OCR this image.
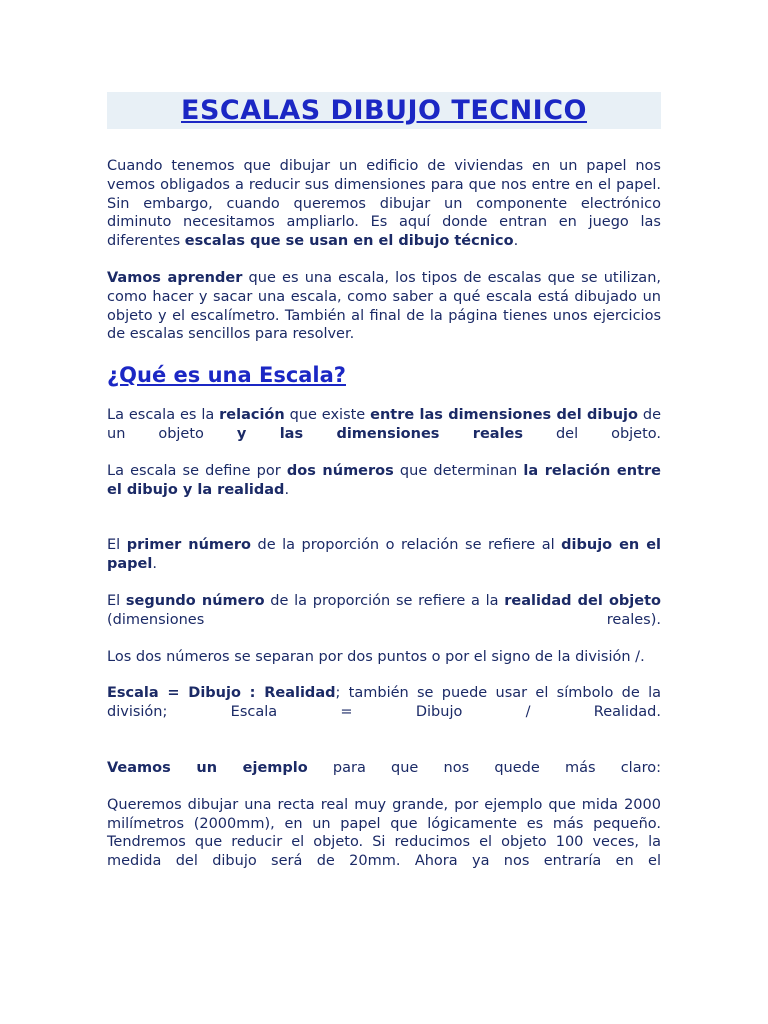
ESCALAS DIBUJO TECNICO

Cuando tenemos que dibujar un edificio de viviendas en un papel nos vemos obligados a reducir sus dimensiones para que nos entre en el papel. Sin embargo, cuando queremos dibujar un componente electrónico diminuto necesitamos ampliarlo. Es aquí donde entran en juego las diferentes escalas que se usan en el dibujo técnico.

Vamos aprender que es una escala, los tipos de escalas que se utilizan, como hacer y sacar una escala, como saber a qué escala está dibujado un objeto y el escalímetro. También al final de la página tienes unos ejercicios de escalas sencillos para resolver.

¿Qué es una Escala?

La escala es la relación que existe entre las dimensiones del dibujo de un objeto y las dimensiones reales del objeto.

La escala se define por dos números que determinan la relación entre el dibujo y la realidad.

El primer número de la proporción o relación se refiere al dibujo en el papel.

El segundo número de la proporción se refiere a la realidad del objeto (dimensiones reales).

Los dos números se separan por dos puntos o por el signo de la división /.

Escala = Dibujo : Realidad; también se puede usar el símbolo de la división; Escala = Dibujo / Realidad.

Veamos un ejemplo para que nos quede más claro:

Queremos dibujar una recta real muy grande, por ejemplo que mida 2000 milímetros (2000mm), en un papel que lógicamente es más pequeño. Tendremos que reducir el objeto. Si reducimos el objeto 100 veces, la medida del dibujo será de 20mm. Ahora ya nos entraría en el
